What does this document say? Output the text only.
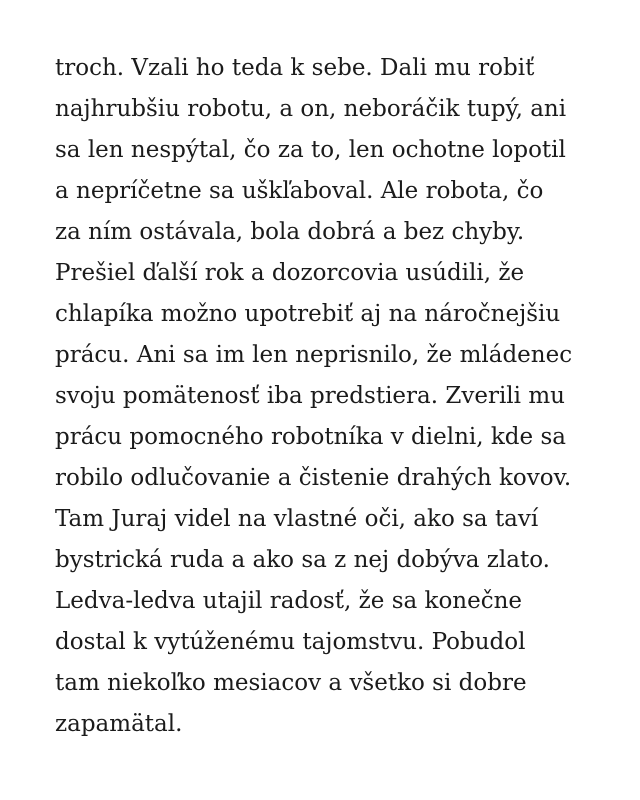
troch. Vzali ho teda k sebe. Dali mu robiť
najhrubšiu robotu, a on, neboráčik tupý, ani
sa len nespýtal, čo za to, len ochotne lopotil
a nepríčetne sa uškľaboval. Ale robota, čo
za ním ostávala, bola dobrá a bez chyby.
Prešiel ďalší rok a dozorcovia usúdili, že
chlapíka možno upotrebiť aj na náročnejšiu
prácu. Ani sa im len neprisnilo, že mládenec
svoju pomätenosť iba predstiera. Zverili mu
prácu pomocného robotníka v dielni, kde sa
robilo odlučovanie a čistenie drahých kovov.
Tam Juraj videl na vlastné oči, ako sa taví
bystrická ruda a ako sa z nej dobýva zlato.
Ledva-ledva utajil radosť, že sa konečne
dostal k vytúženému tajomstvu. Pobudol
tam niekoľko mesiacov a všetko si dobre
zapamätal.
